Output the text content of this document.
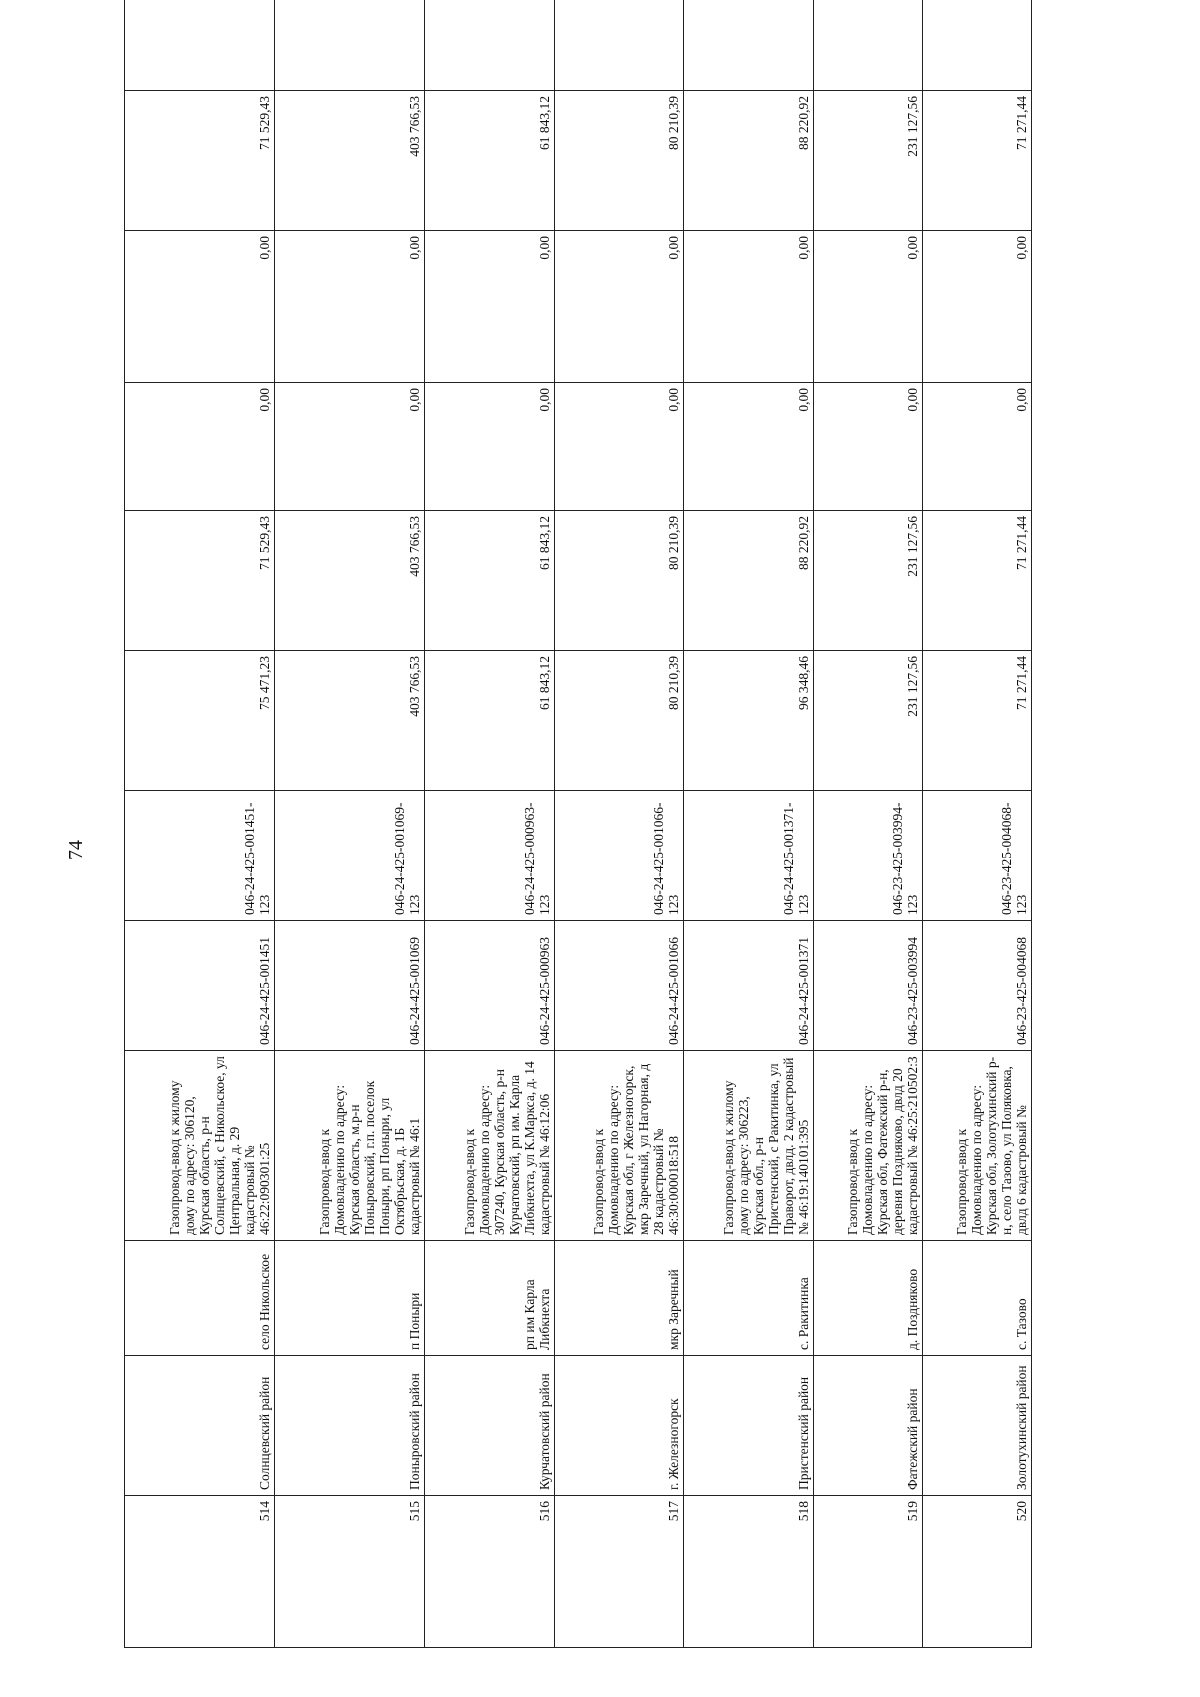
74
514	Солнцевский район	село Никольское	Газопровод-ввод к жилому дому по адресу: 306120, Курская область, р-н Солнцевский, с Никольское, ул Центральная, д. 29 кадастровый № 46:22:090301:25	046-24-425-001451	046-24-425-001451-123	75 471,23	71 529,43	0,00	0,00	71 529,43	
515	Поныровский район	п Поныри	Газопровод-ввод к Домовладению по адресу: Курская область, м.р-н Поныровский, г.п. поселок Поныри, рп Поныри, ул Октябрьская, д. 1Б кадастровый № 46:1	046-24-425-001069	046-24-425-001069-123	403 766,53	403 766,53	0,00	0,00	403 766,53	
516	Курчатовский район	рп им Карла Либкнехта	Газопровод-ввод к Домовладению по адресу: 307240, Курская область, р-н Курчатовский, рп им. Карла Либкнехта, ул К.Маркса, д. 14 кадастровый № 46:12:06	046-24-425-000963	046-24-425-000963-123	61 843,12	61 843,12	0,00	0,00	61 843,12	
517	г. Железногорск	мкр Заречный	Газопровод-ввод к Домовладению по адресу: Курская обл, г Железногорск, мкр Заречный, ул Нагорная, д 28 кадастровый № 46:30:000018:518	046-24-425-001066	046-24-425-001066-123	80 210,39	80 210,39	0,00	0,00	80 210,39	
518	Пристенский район	с. Ракитинка	Газопровод-ввод к жилому дому по адресу: 306223, Курская обл., р-н Пристенский, с Ракитинка, ул Праворот, двлд. 2 кадастровый № 46:19:140101:395	046-24-425-001371	046-24-425-001371-123	96 348,46	88 220,92	0,00	0,00	88 220,92	
519	Фатежский район	д. Поздняково	Газопровод-ввод к Домовладению по адресу: Курская обл, Фатежский р-н, деревня Поздняково, двлд 20 кадастровый № 46:25:210502:3	046-23-425-003994	046-23-425-003994-123	231 127,56	231 127,56	0,00	0,00	231 127,56	
520	Золотухинский район	с. Тазово	Газопровод-ввод к Домовладению по адресу: Курская обл, Золотухинский р-н, село Тазово, ул Поляковка, двлд 6 кадастровый №	046-23-425-004068	046-23-425-004068-123	71 271,44	71 271,44	0,00	0,00	71 271,44	
